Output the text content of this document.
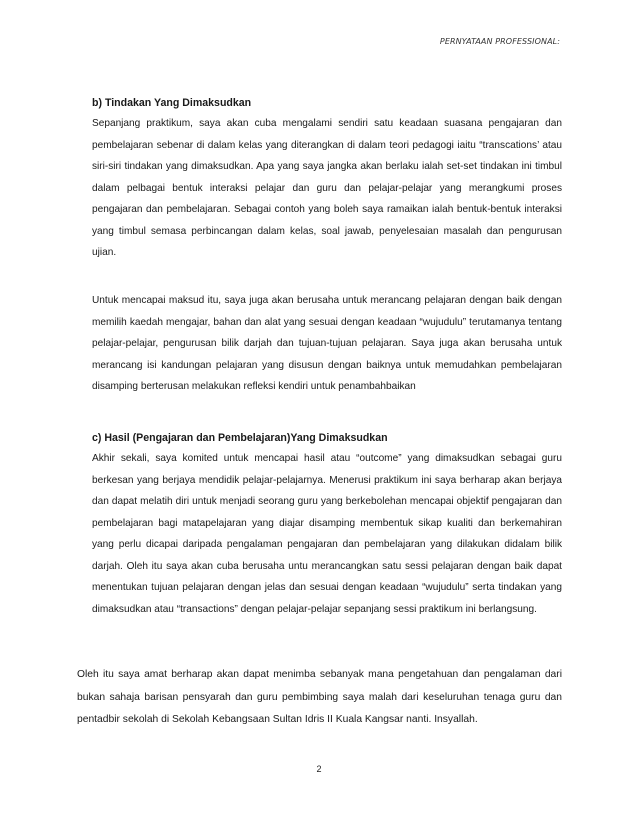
PERNYATAAN PROFESSIONAL:

b) Tindakan Yang Dimaksudkan

Sepanjang praktikum, saya akan cuba mengalami sendiri satu keadaan suasana pengajaran dan pembelajaran sebenar di dalam kelas yang diterangkan di dalam teori pedagogi iaitu “transcations’ atau siri-siri tindakan yang dimaksudkan. Apa yang saya jangka akan berlaku ialah set-set tindakan ini timbul dalam pelbagai bentuk interaksi pelajar dan guru dan pelajar-pelajar yang merangkumi proses pengajaran dan pembelajaran. Sebagai contoh yang boleh saya ramaikan ialah bentuk-bentuk interaksi yang timbul semasa perbincangan dalam kelas, soal jawab, penyelesaian masalah dan pengurusan ujian.

Untuk mencapai maksud itu, saya juga akan berusaha untuk merancang pelajaran dengan baik dengan memilih kaedah mengajar, bahan dan alat yang sesuai dengan keadaan “wujudulu” terutamanya tentang pelajar-pelajar, pengurusan bilik darjah dan tujuan-tujuan pelajaran. Saya juga akan berusaha untuk merancang isi kandungan pelajaran yang disusun dengan baiknya untuk memudahkan pembelajaran disamping berterusan melakukan refleksi kendiri untuk penambahbaikan

c) Hasil (Pengajaran dan Pembelajaran)Yang Dimaksudkan

Akhir sekali, saya komited untuk mencapai hasil atau “outcome” yang dimaksudkan sebagai guru berkesan yang berjaya mendidik pelajar-pelajarnya. Menerusi praktikum ini saya berharap akan berjaya dan dapat melatih diri untuk menjadi seorang guru yang berkebolehan mencapai objektif pengajaran dan pembelajaran bagi matapelajaran yang diajar disamping membentuk sikap kualiti dan berkemahiran yang perlu dicapai daripada pengalaman pengajaran dan pembelajaran yang dilakukan didalam bilik darjah. Oleh itu saya akan cuba berusaha untu merancangkan satu sessi pelajaran dengan baik dapat menentukan tujuan pelajaran dengan jelas dan sesuai dengan keadaan “wujudulu” serta tindakan yang dimaksudkan atau “transactions” dengan pelajar-pelajar sepanjang sessi praktikum ini berlangsung.

Oleh itu saya amat berharap akan dapat menimba sebanyak mana pengetahuan dan pengalaman dari bukan sahaja barisan pensyarah dan guru pembimbing saya malah dari keseluruhan tenaga guru dan pentadbir sekolah di Sekolah Kebangsaan Sultan Idris II Kuala Kangsar nanti. Insyallah.

2
